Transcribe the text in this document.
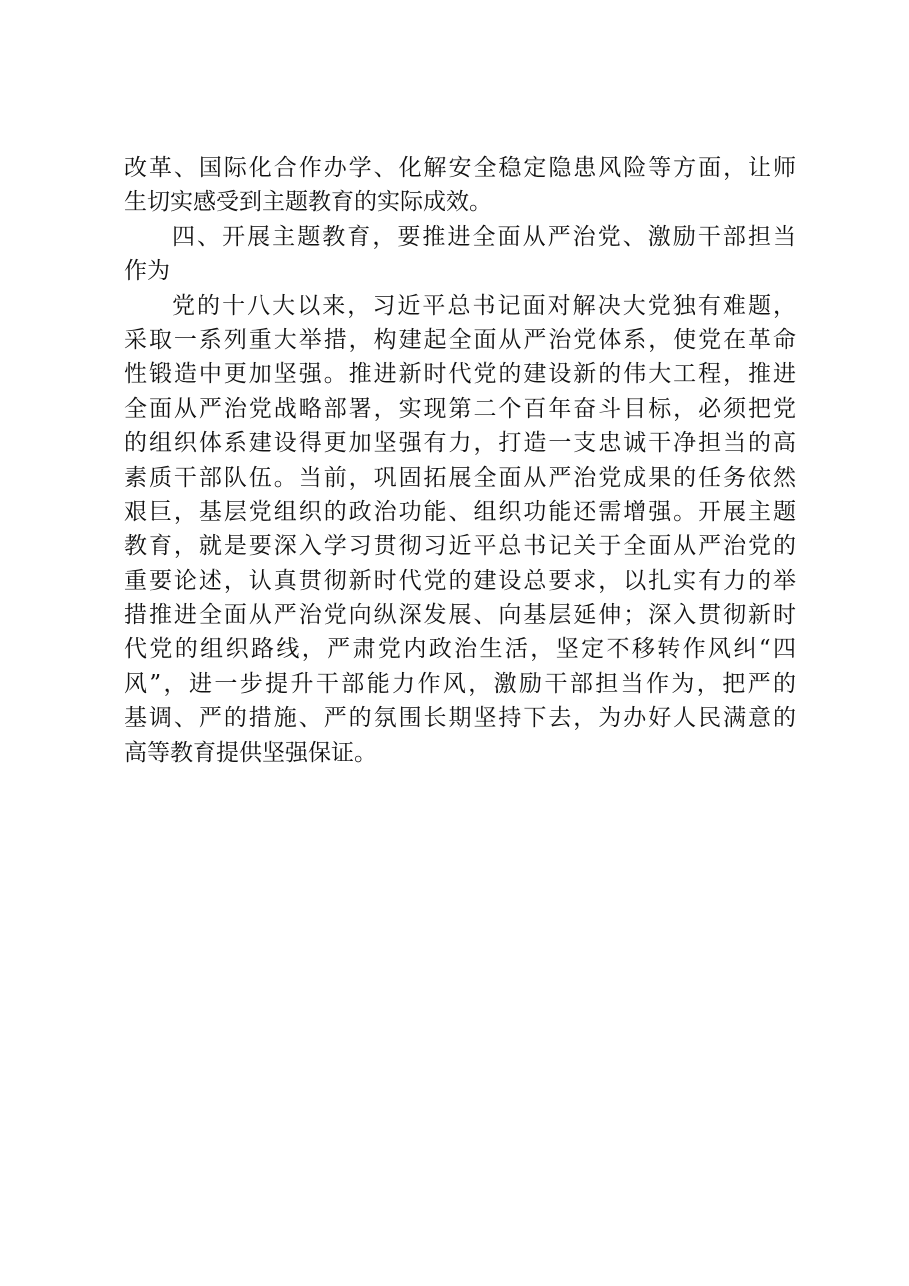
改革、国际化合作办学、化解安全稳定隐患风险等方面，让师
生切实感受到主题教育的实际成效。
四、开展主题教育，要推进全面从严治党、激励干部担当
作为
党的十八大以来，习近平总书记面对解决大党独有难题，
采取一系列重大举措，构建起全面从严治党体系，使党在革命
性锻造中更加坚强。推进新时代党的建设新的伟大工程，推进
全面从严治党战略部署，实现第二个百年奋斗目标，必须把党
的组织体系建设得更加坚强有力，打造一支忠诚干净担当的高
素质干部队伍。当前，巩固拓展全面从严治党成果的任务依然
艰巨，基层党组织的政治功能、组织功能还需增强。开展主题
教育，就是要深入学习贯彻习近平总书记关于全面从严治党的
重要论述，认真贯彻新时代党的建设总要求，以扎实有力的举
措推进全面从严治党向纵深发展、向基层延伸；深入贯彻新时
代党的组织路线，严肃党内政治生活，坚定不移转作风纠“四
风”，进一步提升干部能力作风，激励干部担当作为，把严的
基调、严的措施、严的氛围长期坚持下去，为办好人民满意的
高等教育提供坚强保证。
